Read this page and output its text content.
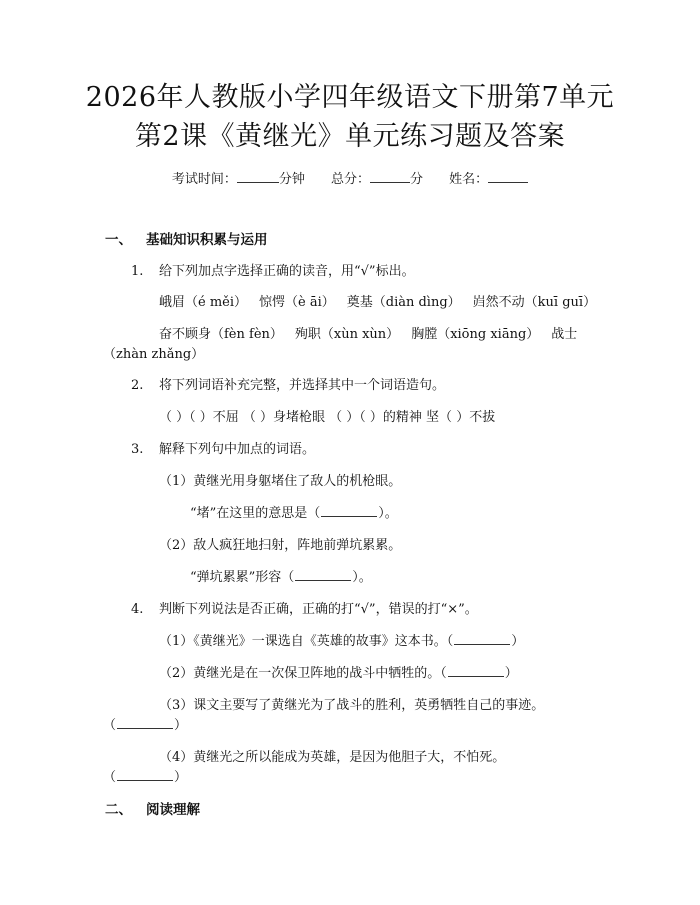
2026年人教版小学四年级语文下册第7单元
第2课《黄继光》单元练习题及答案
考试时间：	分钟 总分：	分 姓名：
一、 基础知识积累与运用
1. 给下列加点字选择正确的读音，用“√”标出。
峨眉（é měi） 惊愕（è āi） 奠基（diàn dìng） 岿然不动（kuī guī）
奋不顾身（fèn fèn） 殉职（xùn xùn） 胸膛（xiōng xiāng） 战士
（zhàn zhǎng）
2. 将下列词语补充完整，并选择其中一个词语造句。
（ ）（ ）不屈 （ ）身堵枪眼 （ ）（ ）的精神 坚（ ）不拔
3. 解释下列句中加点的词语。
（1）黄继光用身躯堵住了敌人的机枪眼。
“堵”在这里的意思是（	）。
（2）敌人疯狂地扫射，阵地前弹坑累累。
“弹坑累累”形容（	）。
4. 判断下列说法是否正确，正确的打“√”，错误的打“×”。
（1）《黄继光》一课选自《英雄的故事》这本书。（	）
（2）黄继光是在一次保卫阵地的战斗中牺牲的。（	）
（3）课文主要写了黄继光为了战斗的胜利，英勇牺牲自己的事迹。
（	）
（4）黄继光之所以能成为英雄，是因为他胆子大，不怕死。
（	）
二、 阅读理解
